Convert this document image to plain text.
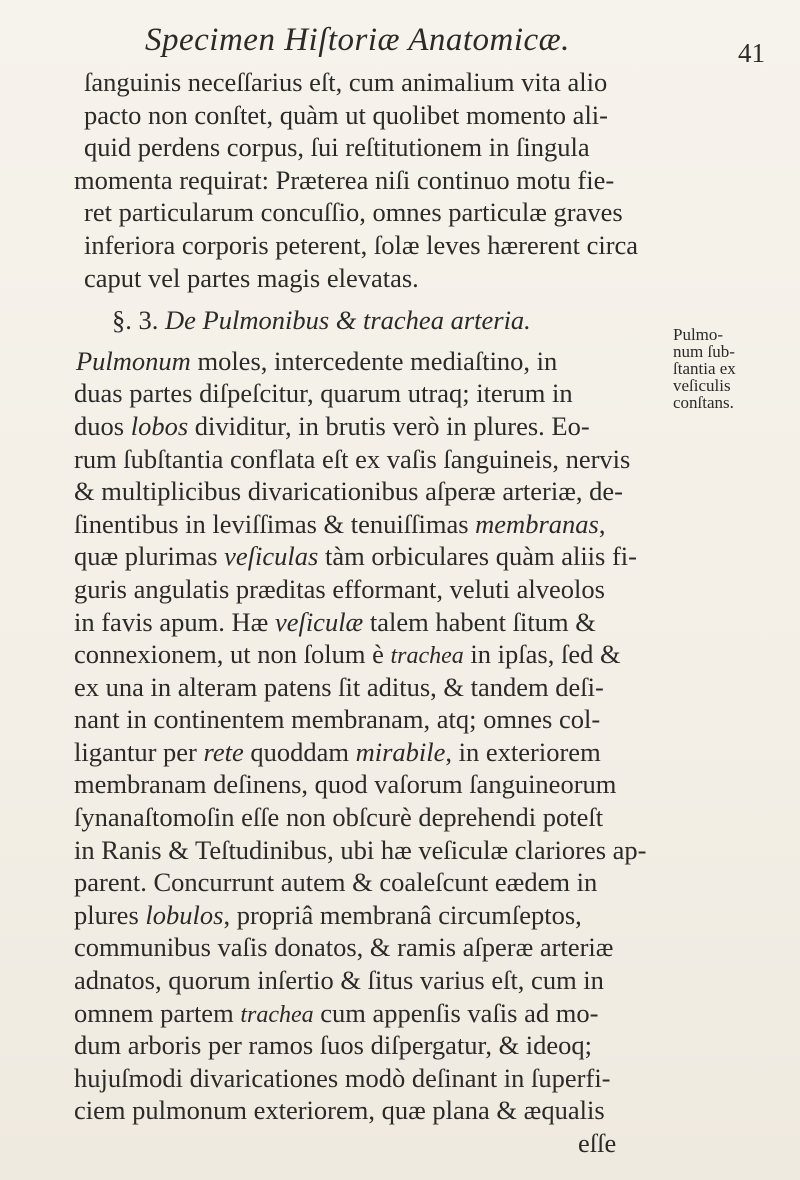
Specimen Hiſtoriæ Anatomicæ.	41
ſanguinis neceſſarius eſt, cum animalium vita alio
pacto non conſtet, quàm ut quolibet momento ali-
quid perdens corpus, ſui reſtitutionem in ſingula
momenta requirat: Præterea niſi continuo motu fie-
ret particularum concuſſio, omnes particulæ graves
inferiora corporis peterent, ſolæ leves hærerent circa
caput vel partes magis elevatas.
§. 3. De Pulmonibus & trachea arteria.
Pulmonum moles, intercedente mediaſtino, in
duas partes diſpeſcitur, quarum utraq; iterum in
duos lobos dividitur, in brutis verò in plures. Eo-
rum ſubſtantia conflata eſt ex vaſis ſanguineis, nervis
& multiplicibus divaricationibus aſperæ arteriæ, de-
ſinentibus in leviſſimas & tenuiſſimas membranas,
quæ plurimas veſiculas tàm orbiculares quàm aliis fi-
guris angulatis præditas efformant, veluti alveolos
in favis apum. Hæ veſiculæ talem habent ſitum &
connexionem, ut non ſolum è trachea in ipſas, ſed &
ex una in alteram patens ſit aditus, & tandem deſi-
nant in continentem membranam, atq; omnes col-
ligantur per rete quoddam mirabile, in exteriorem
membranam deſinens, quod vaſorum ſanguineorum
ſynanaſtomoſin eſſe non obſcurè deprehendi poteſt
in Ranis & Teſtudinibus, ubi hæ veſiculæ clariores ap-
parent. Concurrunt autem & coaleſcunt eædem in
plures lobulos, propriâ membranâ circumſeptos,
communibus vaſis donatos, & ramis aſperæ arteriæ
adnatos, quorum inſertio & ſitus varius eſt, cum in
omnem partem trachea cum appenſis vaſis ad mo-
dum arboris per ramos ſuos diſpergatur, & ideoq;
hujuſmodi divaricationes modò deſinant in ſuperfi-
ciem pulmonum exteriorem, quæ plana & æqualis
eſſe
Pulmo-
num ſub-
ſtantia ex
veſiculis
conſtans.
